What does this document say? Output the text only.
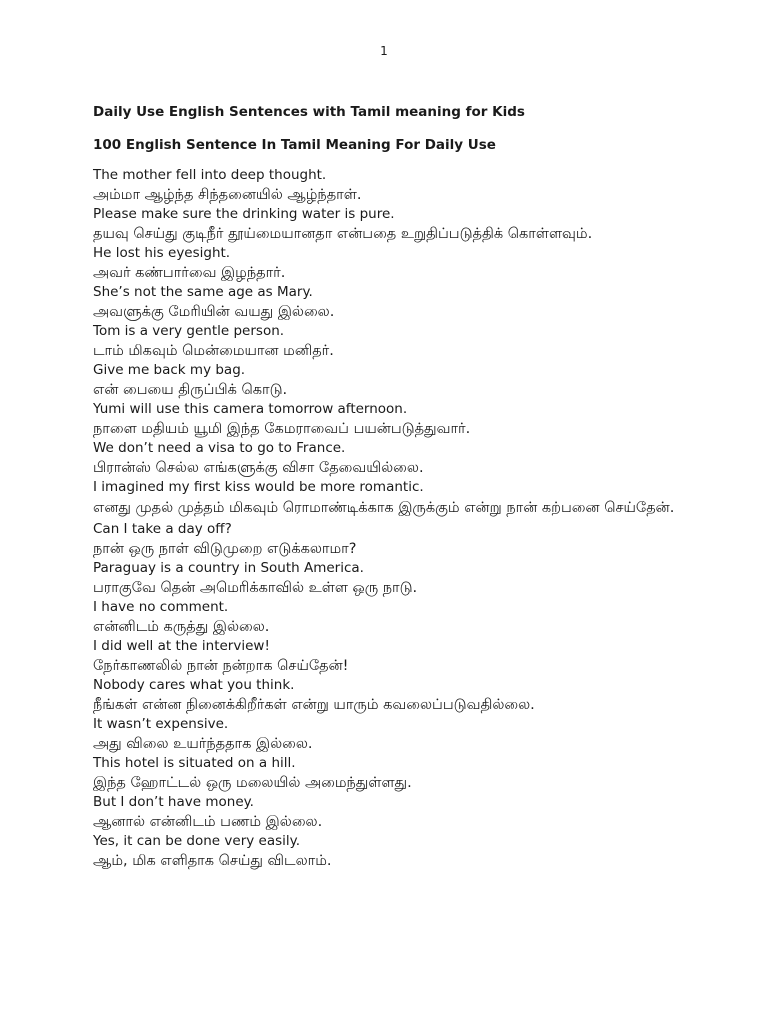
1
Daily Use English Sentences with Tamil meaning for Kids
100 English Sentence In Tamil Meaning For Daily Use
The mother fell into deep thought.
அம்மா ஆழ்ந்த சிந்தனையில் ஆழ்ந்தாள்.
Please make sure the drinking water is pure.
தயவு செய்து குடிநீர் தூய்மையானதா என்பதை உறுதிப்படுத்திக் கொள்ளவும்.
He lost his eyesight.
அவர் கண்பார்வை இழந்தார்.
She’s not the same age as Mary.
அவளுக்கு மேரியின் வயது இல்லை.
Tom is a very gentle person.
டாம் மிகவும் மென்மையான மனிதர்.
Give me back my bag.
என் பையை திருப்பிக் கொடு.
Yumi will use this camera tomorrow afternoon.
நாளை மதியம் யூமி இந்த கேமராவைப் பயன்படுத்துவார்.
We don’t need a visa to go to France.
பிரான்ஸ் செல்ல எங்களுக்கு விசா தேவையில்லை.
I imagined my first kiss would be more romantic.
எனது முதல் முத்தம் மிகவும் ரொமாண்டிக்காக இருக்கும் என்று நான் கற்பனை செய்தேன்.
Can I take a day off?
நான் ஒரு நாள் விடுமுறை எடுக்கலாமா?
Paraguay is a country in South America.
பராகுவே தென் அமெரிக்காவில் உள்ள ஒரு நாடு.
I have no comment.
என்னிடம் கருத்து இல்லை.
I did well at the interview!
நேர்காணலில் நான் நன்றாக செய்தேன்!
Nobody cares what you think.
நீங்கள் என்ன நினைக்கிறீர்கள் என்று யாரும் கவலைப்படுவதில்லை.
It wasn’t expensive.
அது விலை உயர்ந்ததாக இல்லை.
This hotel is situated on a hill.
இந்த ஹோட்டல் ஒரு மலையில் அமைந்துள்ளது.
But I don’t have money.
ஆனால் என்னிடம் பணம் இல்லை.
Yes, it can be done very easily.
ஆம், மிக எளிதாக செய்து விடலாம்.
